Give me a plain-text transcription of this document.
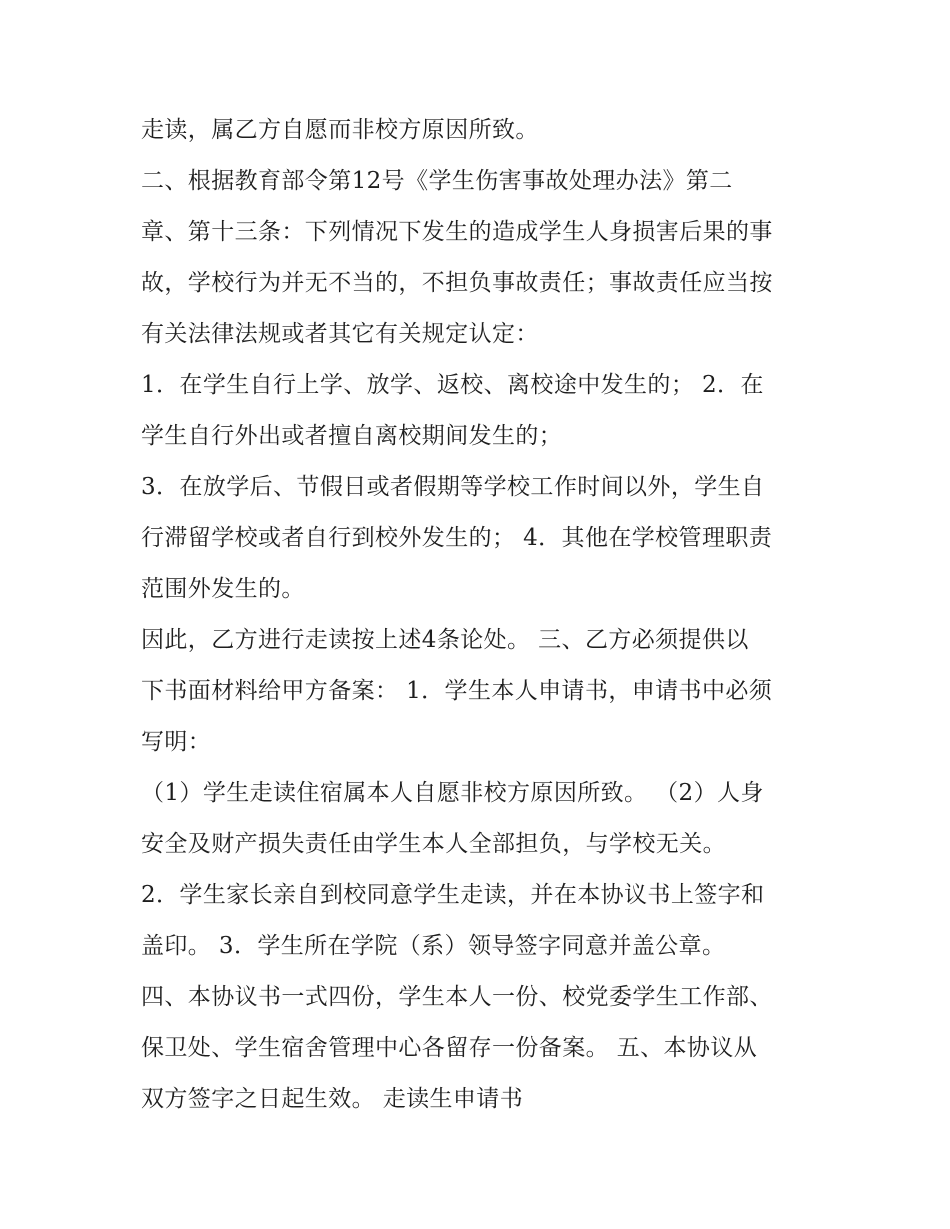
走读，属乙方自愿而非校方原因所致。
二、根据教育部令第12号《学生伤害事故处理办法》第二
章、第十三条：下列情况下发生的造成学生人身损害后果的事
故，学校行为并无不当的，不担负事故责任；事故责任应当按
有关法律法规或者其它有关规定认定：
1．在学生自行上学、放学、返校、离校途中发生的； 2．在
学生自行外出或者擅自离校期间发生的；
3．在放学后、节假日或者假期等学校工作时间以外，学生自
行滞留学校或者自行到校外发生的； 4．其他在学校管理职责
范围外发生的。
因此，乙方进行走读按上述4条论处。 三、乙方必须提供以
下书面材料给甲方备案： 1．学生本人申请书，申请书中必须
写明：
（1）学生走读住宿属本人自愿非校方原因所致。 （2）人身
安全及财产损失责任由学生本人全部担负，与学校无关。
2．学生家长亲自到校同意学生走读，并在本协议书上签字和
盖印。 3．学生所在学院（系）领导签字同意并盖公章。
四、本协议书一式四份，学生本人一份、校党委学生工作部、
保卫处、学生宿舍管理中心各留存一份备案。 五、本协议从
双方签字之日起生效。 走读生申请书
